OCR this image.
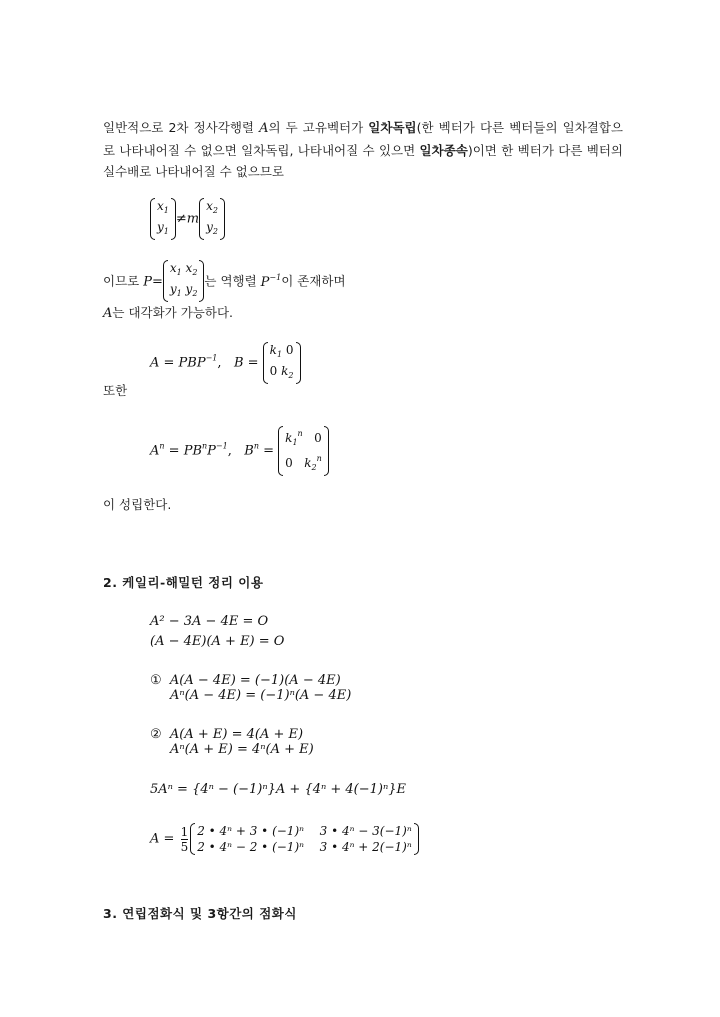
일반적으로 2차 정사각행렬 A의 두 고유벡터가 일차독립(한 벡터가 다른 벡터들의 일차결합으로 나타내어질 수 없으면 일차독립, 나타내어질 수 있으면 일차종속)이면 한 벡터가 다른 벡터의 실수배로 나타내어질 수 없으므로
$x_1$
$y_1$
≠m
$x_2$
$y_2$
이므로 P=
$x_1$ $x_2$
$y_1$ $y_2$
는 역행렬 $P^{-1}$이 존재하며
A는 대각화가 가능하다.
$A = PBP^{-1}$, B =
$k_1$ 0
0 $k_2$
또한
$A^n = PB^nP^{-1}$, $B^n$ =
$k_1^n$ 0
0   $k_2^n$
이 성립한다.
2. 케일리-해밀턴 정리 이용
A² − 3A − 4E = O
(A − 4E)(A + E) = O
① A(A − 4E) = (−1)(A − 4E)
Aⁿ(A − 4E) = (−1)ⁿ(A − 4E)
② A(A + E) = 4(A + E)
Aⁿ(A + E) = 4ⁿ(A + E)
5Aⁿ = {4ⁿ − (−1)ⁿ}A + {4ⁿ + 4(−1)ⁿ}E
$A = \frac{1}{5} 2$ • 4ⁿ + 3 • (−1)ⁿ		3 • 4ⁿ − 3(−1)ⁿ
2 • 4ⁿ − 2 • (−1)ⁿ		3 • 4ⁿ + 2(−1)ⁿ
3. 연립점화식 및 3항간의 점화식
